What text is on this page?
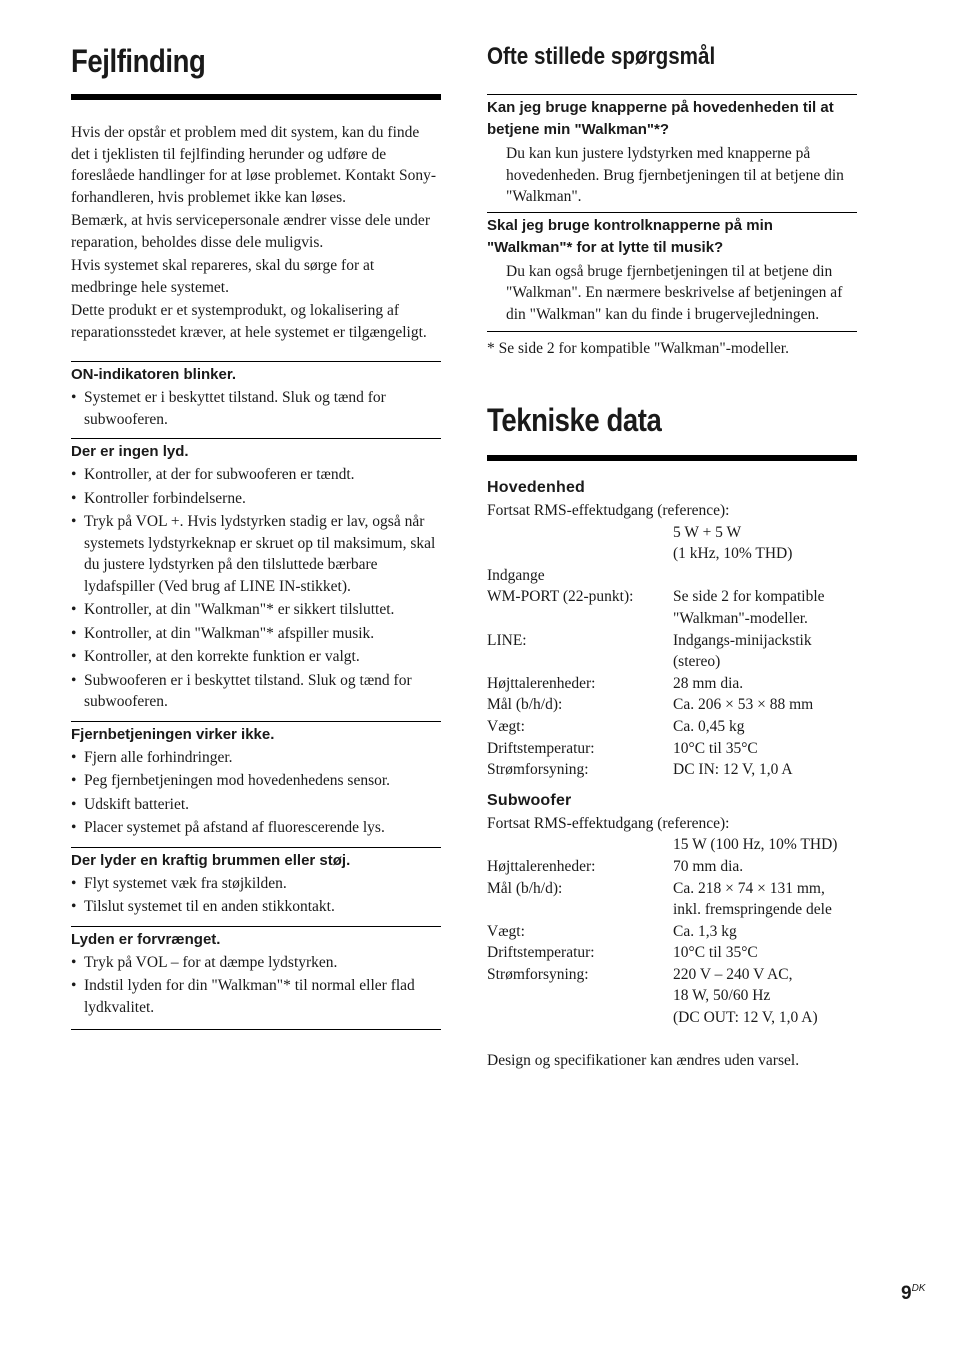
Fejlfinding

Hvis der opstår et problem med dit system, kan du finde det i tjeklisten til fejlfinding herunder og udføre de foreslåede handlinger for at løse problemet. Kontakt Sony-forhandleren, hvis problemet ikke kan løses.

Bemærk, at hvis servicepersonale ændrer visse dele under reparation, beholdes disse dele muligvis.

Hvis systemet skal repareres, skal du sørge for at medbringe hele systemet.

Dette produkt er et systemprodukt, og lokalisering af reparationsstedet kræver, at hele systemet er tilgængeligt.

ON-indikatoren blinker.

• Systemet er i beskyttet tilstand. Sluk og tænd for subwooferen.

Der er ingen lyd.

• Kontroller, at der for subwooferen er tændt.
• Kontroller forbindelserne.
• Tryk på VOL +. Hvis lydstyrken stadig er lav, også når systemets lydstyrkeknap er skruet op til maksimum, skal du justere lydstyrken på den tilsluttede bærbare lydafspiller (Ved brug af LINE IN-stikket).
• Kontroller, at din "Walkman"* er sikkert tilsluttet.
• Kontroller, at din "Walkman"* afspiller musik.
• Kontroller, at den korrekte funktion er valgt.
• Subwooferen er i beskyttet tilstand. Sluk og tænd for subwooferen.

Fjernbetjeningen virker ikke.

• Fjern alle forhindringer.
• Peg fjernbetjeningen mod hovedenhedens sensor.
• Udskift batteriet.
• Placer systemet på afstand af fluorescerende lys.

Der lyder en kraftig brummen eller støj.

• Flyt systemet væk fra støjkilden.
• Tilslut systemet til en anden stikkontakt.

Lyden er forvrænget.

• Tryk på VOL – for at dæmpe lydstyrken.
• Indstil lyden for din "Walkman"* til normal eller flad lydkvalitet.
Ofte stillede spørgsmål

Kan jeg bruge knapperne på hovedenheden til at betjene min "Walkman"*?

Du kan kun justere lydstyrken med knapperne på hovedenheden. Brug fjernbetjeningen til at betjene din "Walkman".

Skal jeg bruge kontrolknapperne på min "Walkman"* for at lytte til musik?

Du kan også bruge fjernbetjeningen til at betjene din "Walkman". En nærmere beskrivelse af betjeningen af din "Walkman" kan du finde i brugervejledningen.

* Se side 2 for kompatible "Walkman"-modeller.
Tekniske data

Hovedenhed

Fortsat RMS-effektudgang (reference):	
	5 W + 5 W
	(1 kHz, 10% THD)
Indgange	
WM-PORT (22-punkt):	Se side 2 for kompatible
	"Walkman"-modeller.
LINE:	Indgangs-minijackstik
	(stereo)
Højttalerenheder:	28 mm dia.
Mål (b/h/d):	Ca. 206 × 53 × 88 mm
Vægt:	Ca. 0,45 kg
Driftstemperatur:	10°C til 35°C
Strømforsyning:	DC IN: 12 V, 1,0 A

Subwoofer

Fortsat RMS-effektudgang (reference):	
	15 W (100 Hz, 10% THD)
Højttalerenheder:	70 mm dia.
Mål (b/h/d):	Ca. 218 × 74 × 131 mm,
	inkl. fremspringende dele
Vægt:	Ca. 1,3 kg
Driftstemperatur:	10°C til 35°C
Strømforsyning:	220 V – 240 V AC,
	18 W, 50/60 Hz
	(DC OUT: 12 V, 1,0 A)
Design og specifikationer kan ændres uden varsel.
$9^{DK}$
